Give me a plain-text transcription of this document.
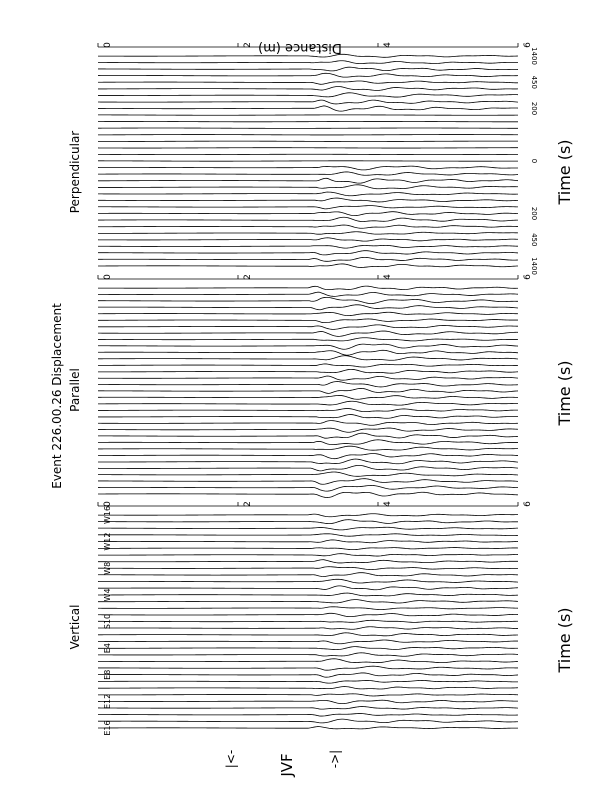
Event 226.00.26 Displacement
Perpendicular
Parallel
Vertical
0	2	4	6
0	2	4	6
0	2	4	6
Time (s)
Time (s)
Time (s)
E16
E12
E8
E4
S10
W4
W8
W12
W16
|<-	JVF	->|
1400
450
200
0
200
450
1400
Distance (m)
